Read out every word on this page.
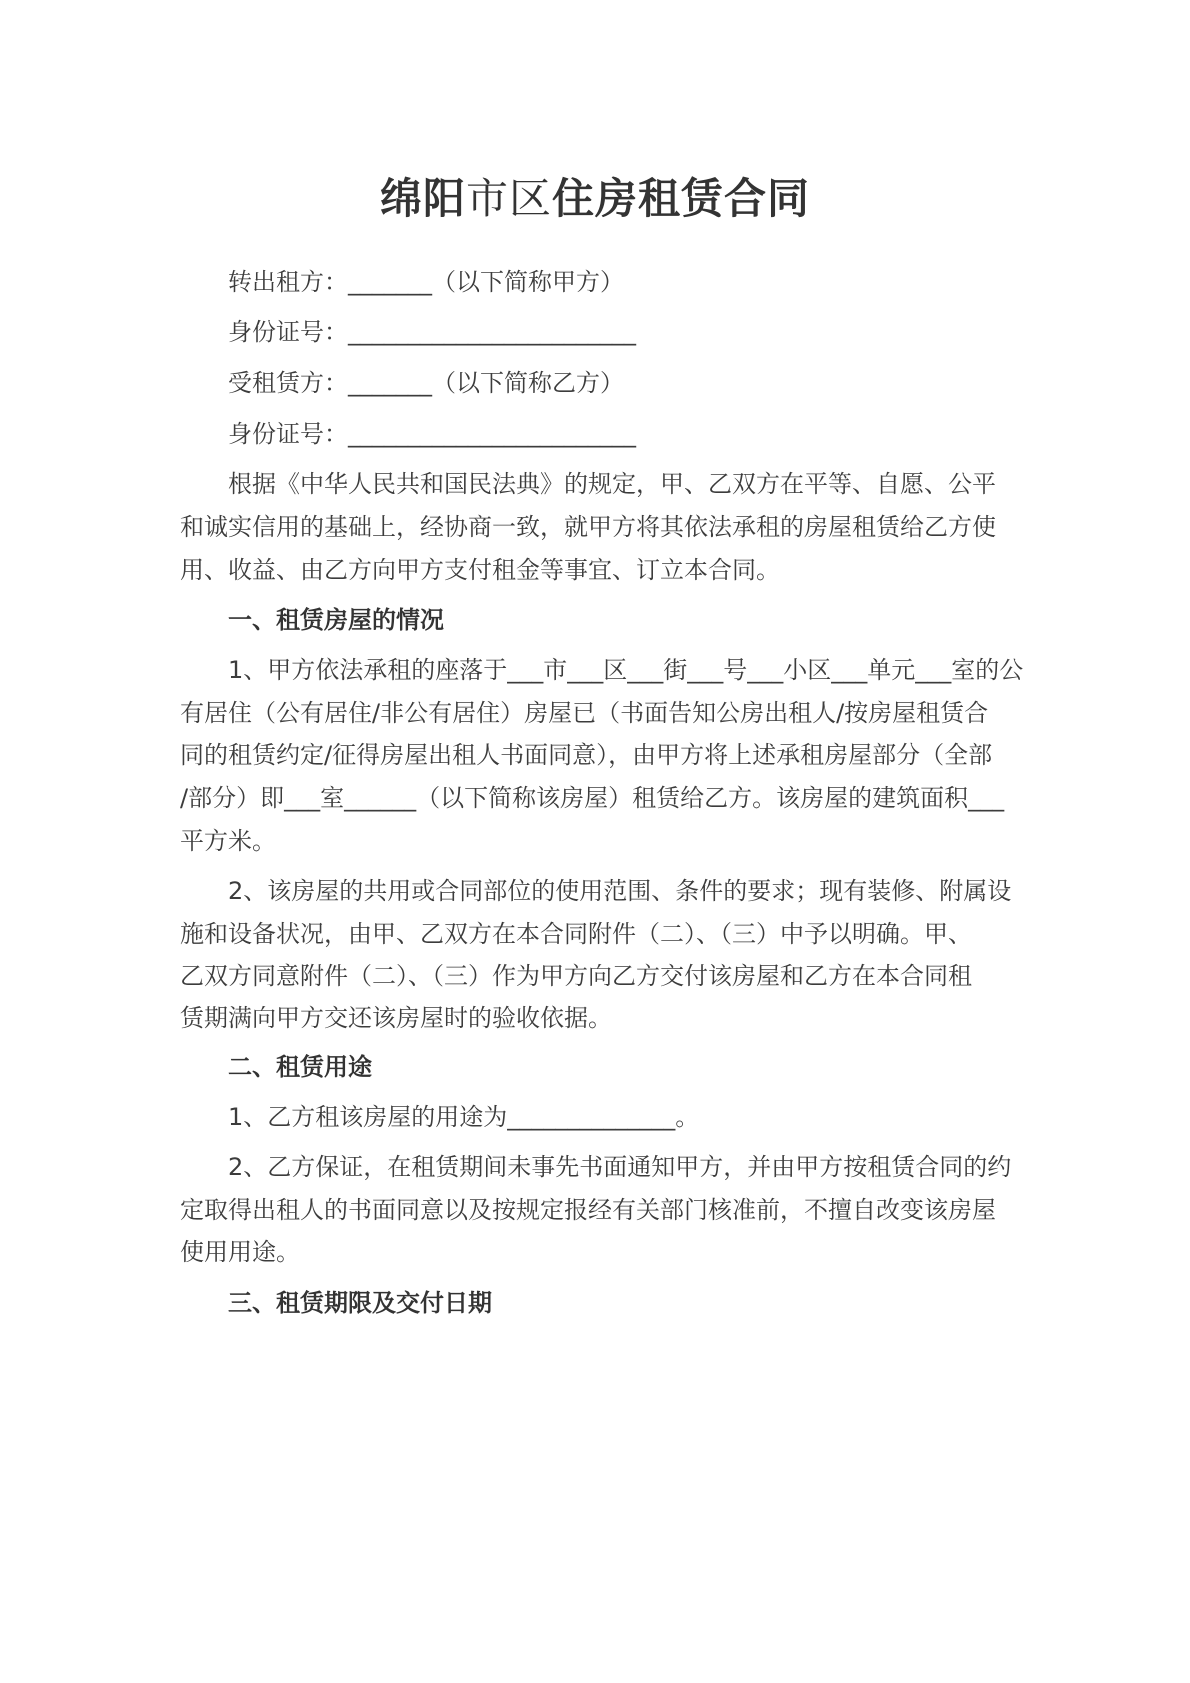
绵阳市区住房租赁合同
转出租方：_______（以下简称甲方）
身份证号：________________________
受租赁方：_______（以下简称乙方）
身份证号：________________________
根据《中华人民共和国民法典》的规定，甲、乙双方在平等、自愿、公平
和诚实信用的基础上，经协商一致，就甲方将其依法承租的房屋租赁给乙方使
用、收益、由乙方向甲方支付租金等事宜、订立本合同。
一、租赁房屋的情况
1、甲方依法承租的座落于___市___区___街___号___小区___单元___室的公
有居住（公有居住/非公有居住）房屋已（书面告知公房出租人/按房屋租赁合
同的租赁约定/征得房屋出租人书面同意），由甲方将上述承租房屋部分（全部
/部分）即___室______（以下简称该房屋）租赁给乙方。该房屋的建筑面积___
平方米。
2、该房屋的共用或合同部位的使用范围、条件的要求；现有装修、附属设
施和设备状况，由甲、乙双方在本合同附件（二）、（三）中予以明确。甲、
乙双方同意附件（二）、（三）作为甲方向乙方交付该房屋和乙方在本合同租
赁期满向甲方交还该房屋时的验收依据。
二、租赁用途
1、乙方租该房屋的用途为______________。
2、乙方保证，在租赁期间未事先书面通知甲方，并由甲方按租赁合同的约
定取得出租人的书面同意以及按规定报经有关部门核准前，不擅自改变该房屋
使用用途。
三、租赁期限及交付日期
